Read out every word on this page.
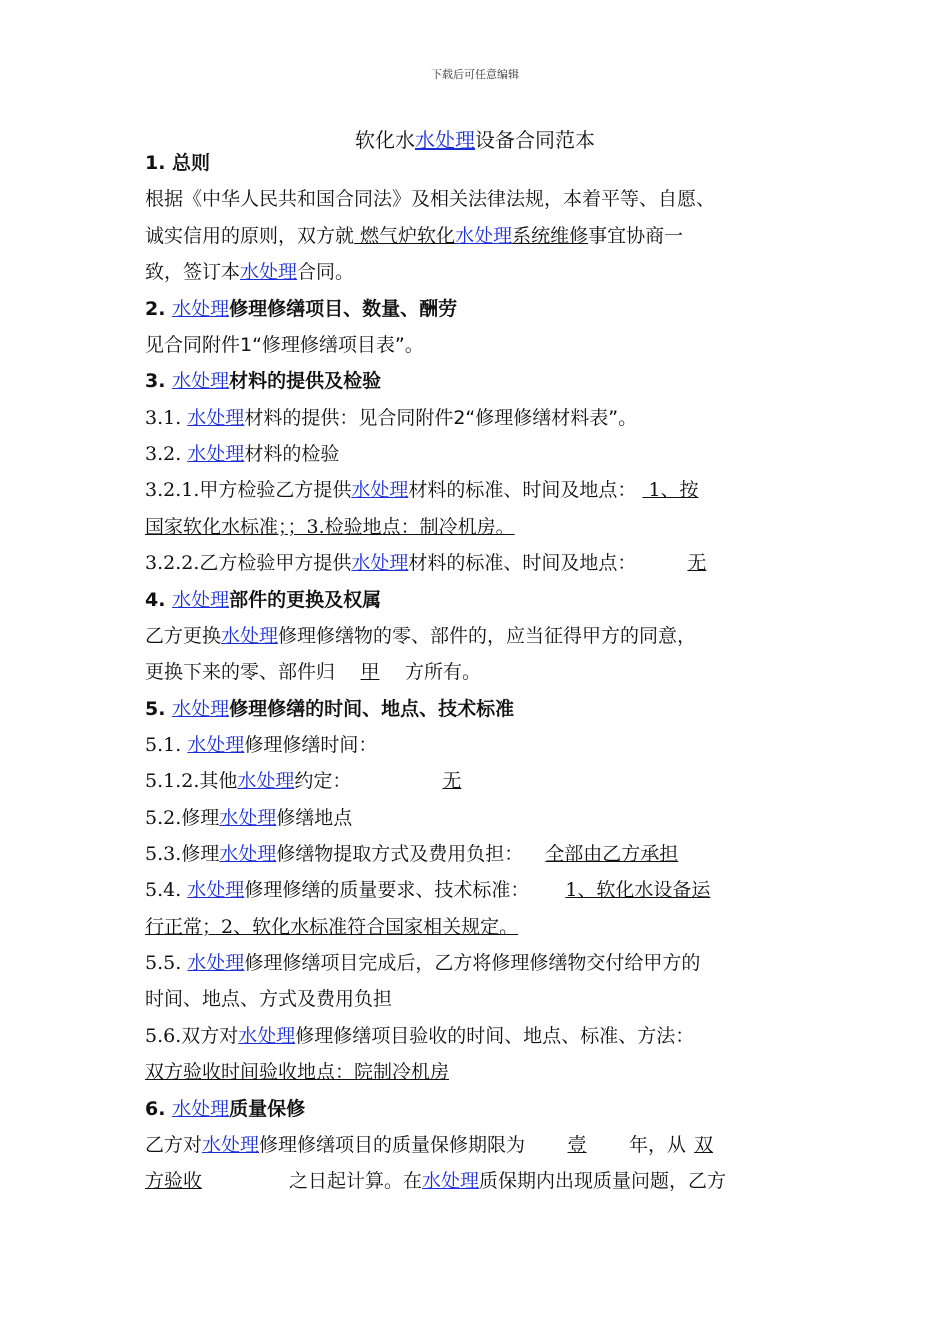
下载后可任意编辑
软化水水处理设备合同范本
1. 总则
根据《中华人民共和国合同法》及相关法律法规，本着平等、自愿、
诚实信用的原则，双方就 燃气炉软化水处理系统维修事宜协商一
致，签订本水处理合同。
2. 水处理修理修缮项目、数量、酬劳
见合同附件1“修理修缮项目表”。
3. 水处理材料的提供及检验
3.1. 水处理材料的提供：见合同附件2“修理修缮材料表”。
3.2. 水处理材料的检验
3.2.1.甲方检验乙方提供水处理材料的标准、时间及地点： 1、按
国家软化水标准；；3.检验地点：制冷机房。
3.2.2.乙方检验甲方提供水处理材料的标准、时间及地点：	无
4. 水处理部件的更换及权属
乙方更换水处理修理修缮物的零、部件的，应当征得甲方的同意，
更换下来的零、部件归 甲 方所有。
5. 水处理修理修缮的时间、地点、技术标准
5.1. 水处理修理修缮时间：
5.1.2.其他水处理约定：	无
5.2.修理水处理修缮地点
5.3.修理水处理修缮物提取方式及费用负担： 全部由乙方承担
5.4. 水处理修理修缮的质量要求、技术标准： 1、软化水设备运
行正常；2、软化水标准符合国家相关规定。
5.5. 水处理修理修缮项目完成后，乙方将修理修缮物交付给甲方的
时间、地点、方式及费用负担
5.6.双方对水处理修理修缮项目验收的时间、地点、标准、方法：
双方验收时间验收地点：院制冷机房
6. 水处理质量保修
乙方对水处理修理修缮项目的质量保修期限为 壹 年，从 双
方验收	之日起计算。在水处理质保期内出现质量问题，乙方
